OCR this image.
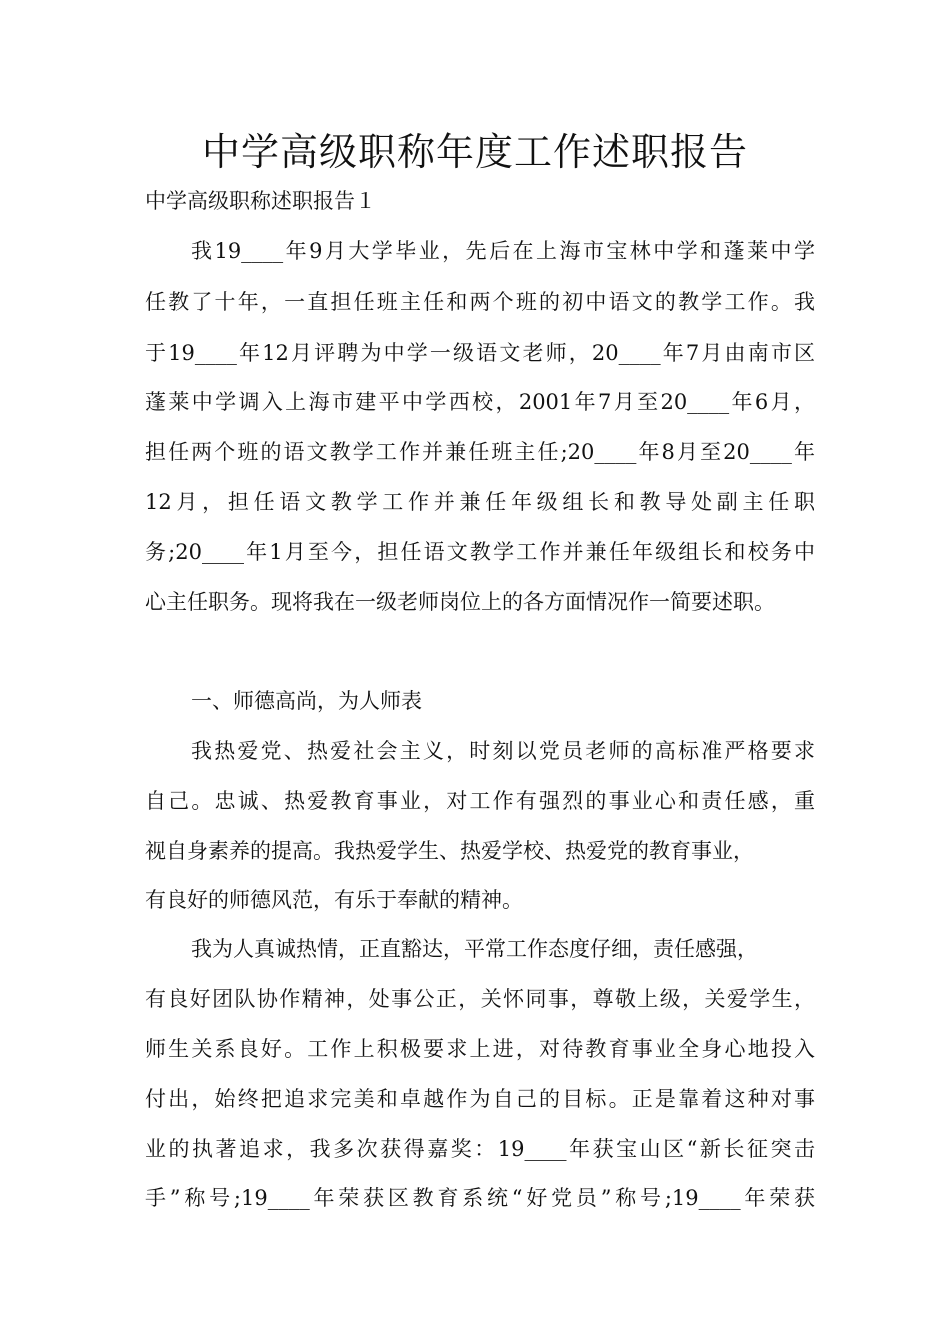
中学高级职称年度工作述职报告

中学高级职称述职报告１

我19____年9月大学毕业，先后在上海市宝林中学和蓬莱中学

任教了十年，一直担任班主任和两个班的初中语文的教学工作。我

于19____年12月评聘为中学一级语文老师，20____年7月由南市区

蓬莱中学调入上海市建平中学西校，2001年7月至20____年6月，

担任两个班的语文教学工作并兼任班主任;20____年8月至20____年

12月，担任语文教学工作并兼任年级组长和教导处副主任职

务;20____年1月至今，担任语文教学工作并兼任年级组长和校务中

心主任职务。现将我在一级老师岗位上的各方面情况作一简要述职。

一、师德高尚，为人师表

我热爱党、热爱社会主义，时刻以党员老师的高标准严格要求

自己。忠诚、热爱教育事业，对工作有强烈的事业心和责任感，重

视自身素养的提高。我热爱学生、热爱学校、热爱党的教育事业，

有良好的师德风范，有乐于奉献的精神。

我为人真诚热情，正直豁达，平常工作态度仔细，责任感强，

有良好团队协作精神，处事公正，关怀同事，尊敬上级，关爱学生，

师生关系良好。工作上积极要求上进，对待教育事业全身心地投入

付出，始终把追求完美和卓越作为自己的目标。正是靠着这种对事

业的执著追求，我多次获得嘉奖：19____年获宝山区“新长征突击

手”称号;19____年荣获区教育系统“好党员”称号;19____年荣获
